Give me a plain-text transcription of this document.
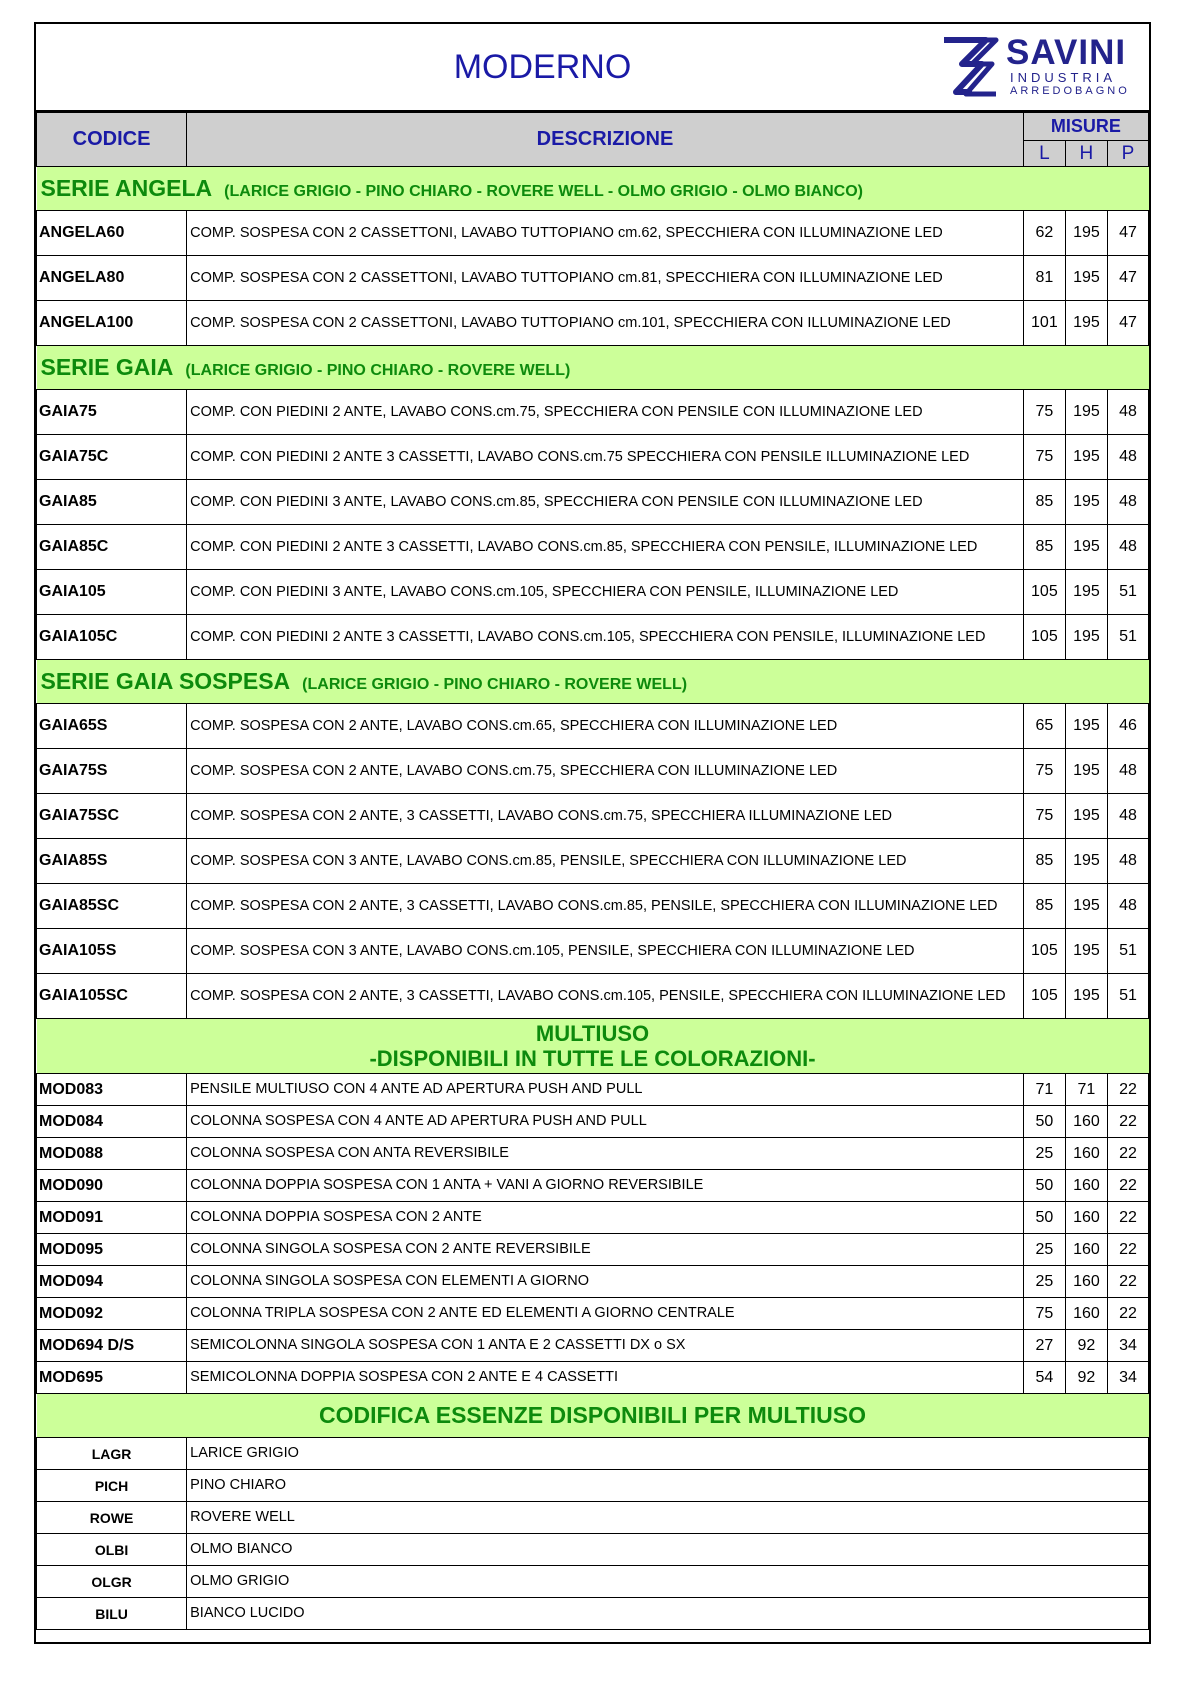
MODERNO	SAVINI
INDUSTRIA
ARREDOBAGNO
CODICE	DESCRIZIONE	MISURE		
		L	H	P
SERIE ANGELA (LARICE GRIGIO - PINO CHIARO - ROVERE WELL - OLMO GRIGIO - OLMO BIANCO)				
ANGELA60	COMP. SOSPESA CON 2 CASSETTONI, LAVABO TUTTOPIANO cm.62, SPECCHIERA CON ILLUMINAZIONE LED	62	195	47
ANGELA80	COMP. SOSPESA CON 2 CASSETTONI, LAVABO TUTTOPIANO cm.81, SPECCHIERA CON ILLUMINAZIONE LED	81	195	47
ANGELA100	COMP. SOSPESA CON 2 CASSETTONI, LAVABO TUTTOPIANO cm.101, SPECCHIERA CON ILLUMINAZIONE LED	101	195	47
SERIE GAIA (LARICE GRIGIO - PINO CHIARO - ROVERE WELL)				
GAIA75	COMP. CON PIEDINI 2 ANTE, LAVABO CONS.cm.75, SPECCHIERA CON PENSILE CON ILLUMINAZIONE LED	75	195	48
GAIA75C	COMP. CON PIEDINI 2 ANTE 3 CASSETTI, LAVABO CONS.cm.75 SPECCHIERA CON PENSILE ILLUMINAZIONE LED	75	195	48
GAIA85	COMP. CON PIEDINI 3 ANTE, LAVABO CONS.cm.85, SPECCHIERA CON PENSILE CON ILLUMINAZIONE LED	85	195	48
GAIA85C	COMP. CON PIEDINI 2 ANTE 3 CASSETTI, LAVABO CONS.cm.85, SPECCHIERA CON PENSILE, ILLUMINAZIONE LED	85	195	48
GAIA105	COMP. CON PIEDINI 3 ANTE, LAVABO CONS.cm.105, SPECCHIERA CON PENSILE, ILLUMINAZIONE LED	105	195	51
GAIA105C	COMP. CON PIEDINI 2 ANTE 3 CASSETTI, LAVABO CONS.cm.105, SPECCHIERA CON PENSILE, ILLUMINAZIONE LED	105	195	51
SERIE GAIA SOSPESA (LARICE GRIGIO - PINO CHIARO - ROVERE WELL)				
GAIA65S	COMP. SOSPESA CON 2 ANTE, LAVABO CONS.cm.65, SPECCHIERA CON ILLUMINAZIONE LED	65	195	46
GAIA75S	COMP. SOSPESA CON 2 ANTE, LAVABO CONS.cm.75, SPECCHIERA CON ILLUMINAZIONE LED	75	195	48
GAIA75SC	COMP. SOSPESA CON 2 ANTE, 3 CASSETTI, LAVABO CONS.cm.75, SPECCHIERA ILLUMINAZIONE LED	75	195	48
GAIA85S	COMP. SOSPESA CON 3 ANTE, LAVABO CONS.cm.85, PENSILE, SPECCHIERA CON ILLUMINAZIONE LED	85	195	48
GAIA85SC	COMP. SOSPESA CON 2 ANTE, 3 CASSETTI, LAVABO CONS.cm.85, PENSILE, SPECCHIERA CON ILLUMINAZIONE LED	85	195	48
GAIA105S	COMP. SOSPESA CON 3 ANTE, LAVABO CONS.cm.105, PENSILE, SPECCHIERA CON ILLUMINAZIONE LED	105	195	51
GAIA105SC	COMP. SOSPESA CON 2 ANTE, 3 CASSETTI, LAVABO CONS.cm.105, PENSILE, SPECCHIERA CON ILLUMINAZIONE LED	105	195	51

MULTIUSO
-DISPONIBILI IN TUTTE LE COLORAZIONI-				

MOD083	PENSILE MULTIUSO CON 4 ANTE AD APERTURA PUSH AND PULL	71	71	22
MOD084	COLONNA SOSPESA CON 4 ANTE AD APERTURA PUSH AND PULL	50	160	22
MOD088	COLONNA SOSPESA CON ANTA REVERSIBILE	25	160	22
MOD090	COLONNA DOPPIA SOSPESA CON 1 ANTA + VANI A GIORNO REVERSIBILE	50	160	22
MOD091	COLONNA DOPPIA SOSPESA CON 2 ANTE	50	160	22
MOD095	COLONNA SINGOLA SOSPESA CON 2 ANTE REVERSIBILE	25	160	22
MOD094	COLONNA SINGOLA SOSPESA CON ELEMENTI A GIORNO	25	160	22
MOD092	COLONNA TRIPLA SOSPESA CON 2 ANTE ED ELEMENTI A GIORNO CENTRALE	75	160	22
MOD694 D/S	SEMICOLONNA SINGOLA SOSPESA CON 1 ANTA E 2 CASSETTI DX o SX	27	92	34
MOD695	SEMICOLONNA DOPPIA SOSPESA CON 2 ANTE E 4 CASSETTI	54	92	34
CODIFICA ESSENZE DISPONIBILI PER MULTIUSO				
LAGR	LARICE GRIGIO			
PICH	PINO CHIARO			
ROWE	ROVERE WELL			
OLBI	OLMO BIANCO			
OLGR	OLMO GRIGIO			
BILU	BIANCO LUCIDO			
